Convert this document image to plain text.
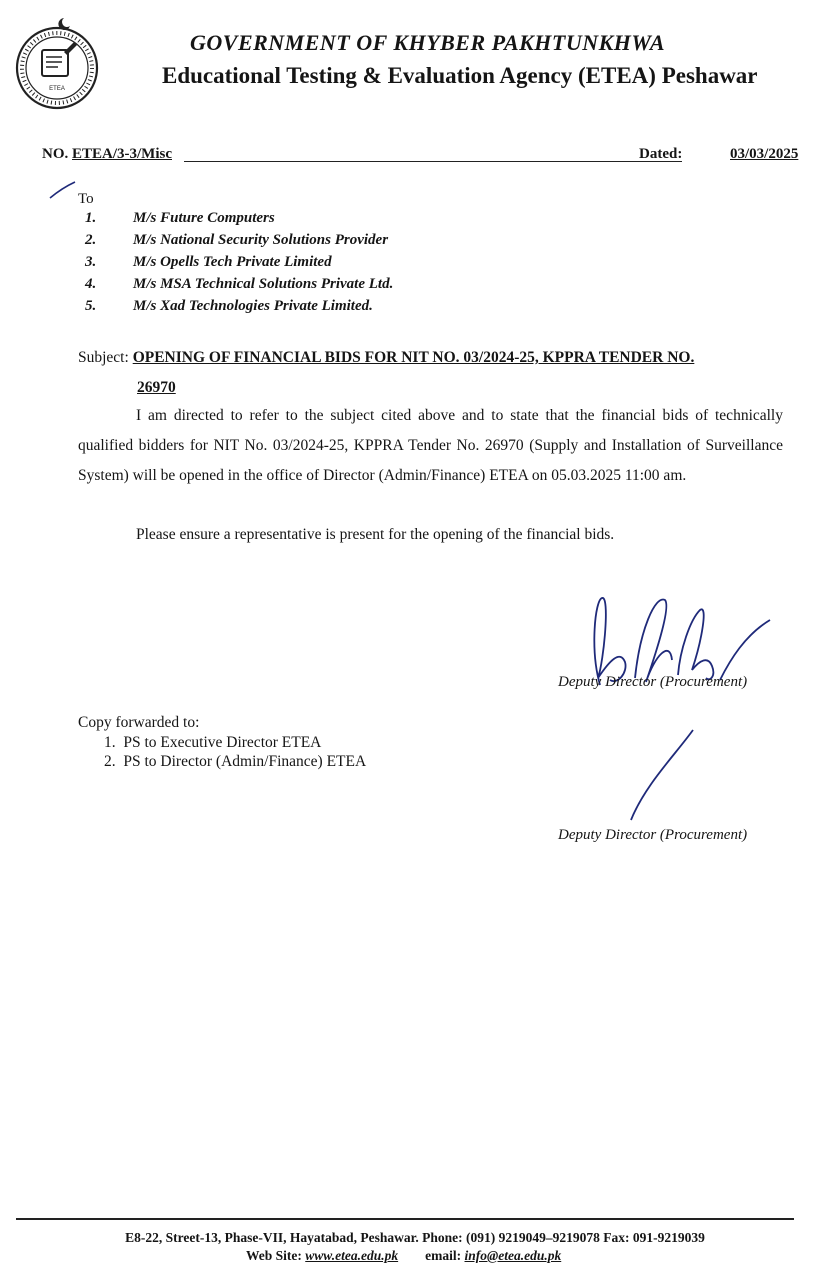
ETEA
GOVERNMENT OF KHYBER PAKHTUNKHWA
Educational Testing & Evaluation Agency (ETEA) Peshawar
NO. ETEA/3-3/Misc	Dated:	03/03/2025
To
1. M/s Future Computers
2. M/s National Security Solutions Provider
3. M/s Opells Tech Private Limited
4. M/s MSA Technical Solutions Private Ltd.
5. M/s Xad Technologies Private Limited.
Subject: OPENING OF FINANCIAL BIDS FOR NIT NO. 03/2024-25, KPPRA TENDER NO.
26970
I am directed to refer to the subject cited above and to state that the financial bids of technically qualified bidders for NIT No. 03/2024-25, KPPRA Tender No. 26970 (Supply and Installation of Surveillance System) will be opened in the office of Director (Admin/Finance) ETEA on 05.03.2025 11:00 am.
Please ensure a representative is present for the opening of the financial bids.
Deputy Director (Procurement)
Copy forwarded to:
1. PS to Executive Director ETEA
2. PS to Director (Admin/Finance) ETEA
Deputy Director (Procurement)
E8-22, Street-13, Phase-VII, Hayatabad, Peshawar. Phone: (091) 9219049–9219078 Fax: 091-9219039
Web Site: www.etea.edu.pk email: info@etea.edu.pk
